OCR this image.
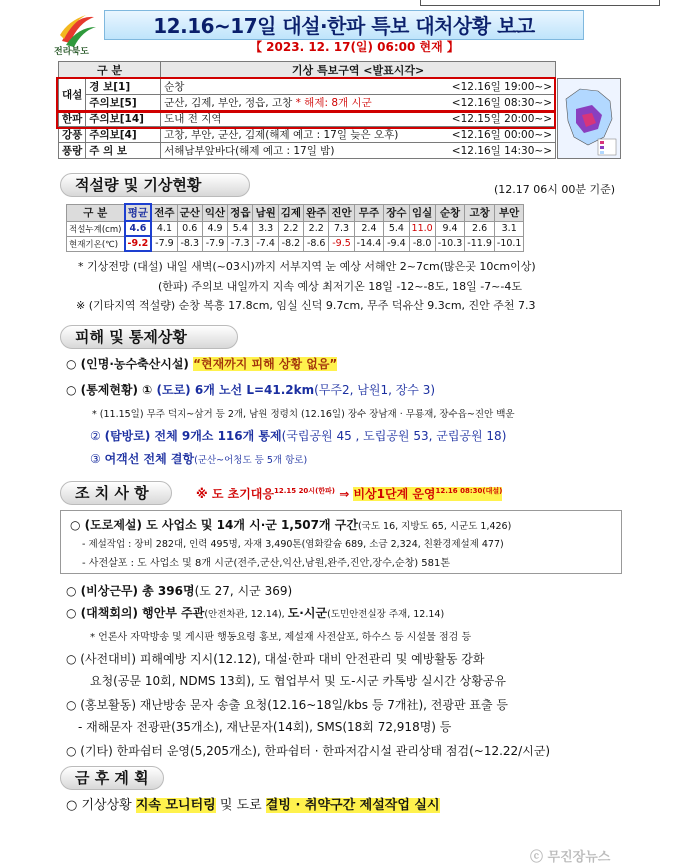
전라북도
12.16~17일 대설·한파 특보 대처상황 보고
【 2023. 12. 17(일) 06:00 현재 】
구 분		기상 특보구역 <발표시각>
대설	경 보[1]	순창 <12.16일 19:00~>

	주의보[5]	군산, 김제, 부안, 정읍, 고창 * 해제: 8개 시군 <12.16일 08:30~>

한파	주의보[14]	도내 전 지역 <12.15일 20:00~>

강풍	주의보[4]	고창, 부안, 군산, 김제(해제 예고 : 17일 늦은 오후) <12.16일 00:00~>

풍랑	주 의 보	서해남부앞바다(해제 예고 : 17일 밤) <12.16일 14:30~>
적설량 및 기상현황	(12.17 06시 00분 기준)
구 분	평균	전주	군산	익산	정읍	남원	김제	완주	진안	무주	장수	임실	순창	고창	부안
적설누계(cm)	4.6	4.1	0.6	4.9	5.4	3.3	2.2	2.2	7.3	2.4	5.4	11.0	9.4	2.6	3.1
현재기온(℃)	-9.2	-7.9	-8.3	-7.9	-7.3	-7.4	-8.2	-8.6	-9.5	-14.4	-9.4	-8.0	-10.3	-11.9	-10.1
* 기상전망 (대설) 내일 새벽(~03시)까지 서부지역 눈 예상 서해안 2~7cm(많은곳 10cm이상)
(한파) 주의보 내일까지 지속 예상 최저기온 18일 -12~-8도, 18일 -7~-4도
※ (기타지역 적설량) 순창 복흥 17.8cm, 임실 신덕 9.7cm, 무주 덕유산 9.3cm, 진안 주천 7.3
피해 및 통제상황
○ (인명·농수축산시설) “현재까지 피해 상황 없음”
○ (통제현황) ① (도로) 6개 노선 L=41.2km(무주2, 남원1, 장수 3)
* (11.15일) 무주 덕지~삼거 등 2개, 남원 정령치 (12.16일) 장수 장남재 · 무룡재, 장수읍~진안 백운
② (탐방로) 전체 9개소 116개 통제(국립공원 45 , 도립공원 53, 군립공원 18)
③ 여객선 전체 결항(군산~어청도 등 5개 항로)
조 치 사 항	※ 도 초기대응$^{12.15 20시(한파)}$ ⇒ 비상1단계 운영$^{12.16 08:30(대설)}$
○ (도로제설) 도 사업소 및 14개 시·군 1,507개 구간(국도 16, 지방도 65, 시군도 1,426)
- 제설작업 : 장비 282대, 인력 495명, 자재 3,490톤(염화칼슘 689, 소금 2,324, 친환경제설제 477)
- 사전살포 : 도 사업소 및 8개 시군(전주,군산,익산,남원,완주,진안,장수,순창) 581톤
○ (비상근무) 총 396명(도 27, 시군 369)
○ (대책회의) 행안부 주관(안전차관, 12.14), 도·시군(도민안전실장 주재, 12.14)
* 언론사 자막방송 및 게시판 행동요령 홍보, 제설재 사전살포, 하수스 등 시설물 점검 등
○ (사전대비) 피해예방 지시(12.12), 대설·한파 대비 안전관리 및 예방활동 강화
요청(공문 10회, NDMS 13회), 도 협업부서 및 도-시군 카톡방 실시간 상황공유
○ (홍보활동) 재난방송 문자 송출 요청(12.16~18일/kbs 등 7개社), 전광판 표출 등
- 재해문자 전광판(35개소), 재난문자(14회), SMS(18회 72,918명) 등
○ (기타) 한파쉼터 운영(5,205개소), 한파쉼터 · 한파저감시설 관리상태 점검(~12.22/시군)
금 후 계 획
○ 기상상황 지속 모니터링 및 도로 결빙 · 취약구간 제설작업 실시
ⓒ 무진장뉴스
